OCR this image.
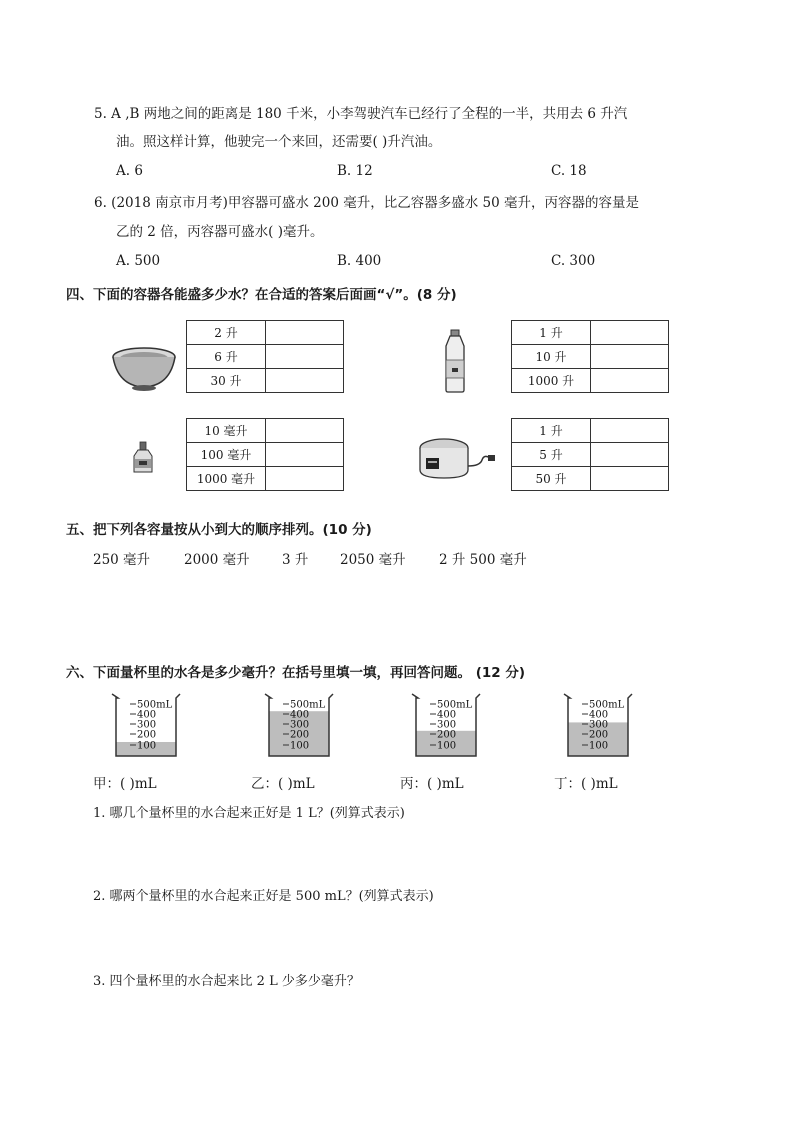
5. A ,B 两地之间的距离是 180 千米，小李驾驶汽车已经行了全程的一半，共用去 6 升汽
油。照这样计算，他驶完一个来回，还需要( )升汽油。
A. 6	B. 12	C. 18
6. (2018 南京市月考)甲容器可盛水 200 毫升，比乙容器多盛水 50 毫升，丙容器的容量是
乙的 2 倍，丙容器可盛水( )毫升。
A. 500	B. 400	C. 300
四、下面的容器各能盛多少水？在合适的答案后面画“√”。(8 分)
2 升	
6 升	
30 升	
1 升	
10 升	
1000 升	
10 毫升	
100 毫升	
1000 毫升	
1 升	
5 升	
50 升	
五、把下列各容量按从小到大的顺序排列。(10 分)
250 毫升	2000 毫升 3 升 2050 毫升 2 升 500 毫升
六、下面量杯里的水各是多少毫升？在括号里填一填，再回答问题。 (12 分)
500mL
400
300
200
100
500mL
400
300
200
100
500mL
400
300
200
100
500mL
400
300
200
100
甲：( )mL	乙：( )mL	丙：( )mL	丁：( )mL
1. 哪几个量杯里的水合起来正好是 1 L？(列算式表示)
2. 哪两个量杯里的水合起来正好是 500 mL？(列算式表示)
3. 四个量杯里的水合起来比 2 L 少多少毫升？
